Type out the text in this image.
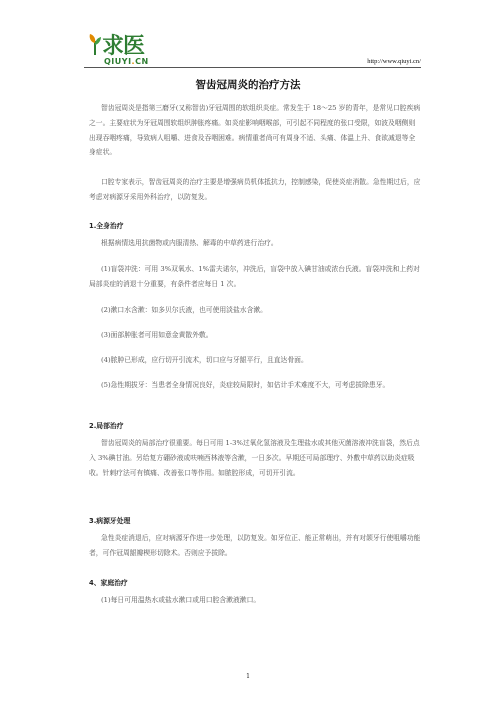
求医
QIUYI.CN	http://www.qiuyi.cn/
智齿冠周炎的治疗方法
智齿冠周炎是指第三磨牙(又称智齿)牙冠周围的软组织炎症。常发生于 18～25 岁的青年，是常见口腔疾病之一。主要症状为牙冠周围软组织肿胀疼痛。如炎症影响咽喉部，可引起不同程度的张口受限，如波及咽侧则出现吞咽疼痛，导致病人咀嚼、进食及吞咽困难。病情重者尚可有周身不适、头痛、体温上升、食欲减退等全身症状。
口腔专家表示，智齿冠周炎的治疗主要是增强病员机体抵抗力，控制感染，促使炎症消散。急性期过后，应考虑对病源牙采用外科治疗，以防复发。
1.全身治疗
根据病情选用抗菌物或内服清热、解毒的中草药进行治疗。
(1)盲袋冲洗：可用 3%双氧水、1%雷夫诺尔，冲洗后，盲袋中放入碘甘油或浓台氏液。盲袋冲洗和上药对局部炎症的消退十分重要，有条件者应每日 1 次。
(2)漱口水含漱：如多贝尔氏液，也可使用淡盐水含漱。
(3)面部肿胀者可用如意金黄散外敷。
(4)脓肿已形成，应行切开引流术，切口应与牙龈平行，且直达骨面。
(5)急性期拔牙：当患者全身情况良好，炎症较局限时，如估计手术难度不大，可考虑拔除患牙。
2.局部治疗
智齿冠周炎的局部治疗很重要。每日可用 1-3%过氧化氢溶液及生理盐水或其他灭菌溶液冲洗盲袋，然后点入 3%碘甘油。另给复方硼砂液或呋喃西林液等含漱，一日多次。早期还可局部理疗、外敷中草药以助炎症吸收。针刺疗法可有镇痛、改善张口等作用。如脓腔形成，可切开引流。
3.病源牙处理
急性炎症消退后，应对病源牙作进一步处理，以防复发。如牙位正、能正常萌出，并有对颌牙行使咀嚼功能者，可作冠周龈瓣楔形切除术。否则应予拔除。
4、家庭治疗
(1)每日可用温热水或盐水漱口或用口腔含漱液漱口。
1
